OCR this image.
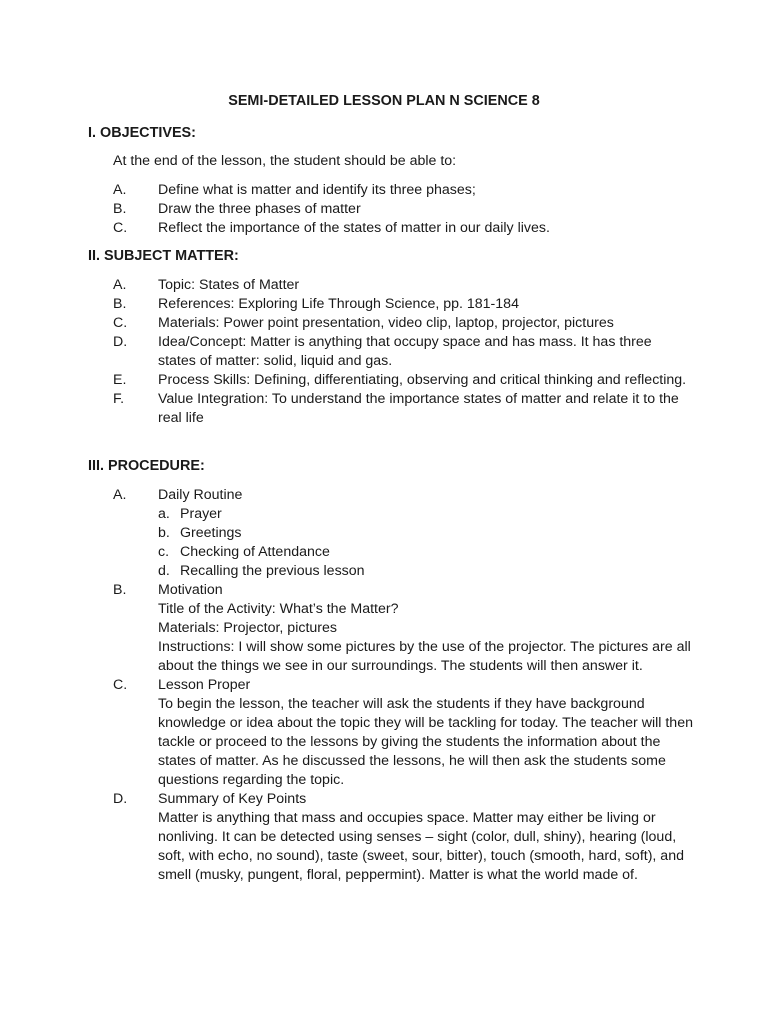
SEMI-DETAILED LESSON PLAN N SCIENCE 8
I. OBJECTIVES:
At the end of the lesson, the student should be able to:
A.	Define what is matter and identify its three phases;
B.	Draw the three phases of matter
C.	Reflect the importance of the states of matter in our daily lives.
II. SUBJECT MATTER:
A.	Topic: States of Matter
B.	References: Exploring Life Through Science, pp. 181-184
C.	Materials: Power point presentation, video clip, laptop, projector, pictures
D.	Idea/Concept: Matter is anything that occupy space and has mass. It has three states of matter: solid, liquid and gas.
E.	Process Skills: Defining, differentiating, observing and critical thinking and reflecting.
F.	Value Integration: To understand the importance states of matter and relate it to the real life
III. PROCEDURE:
A.	Daily Routine
a. Prayer
b. Greetings
c. Checking of Attendance
d. Recalling the previous lesson
B.	Motivation
Title of the Activity: What’s the Matter?
Materials: Projector, pictures

Instructions: I will show some pictures by the use of the projector. The pictures are all about the things we see in our surroundings. The students will then answer it.

C.	Lesson Proper

To begin the lesson, the teacher will ask the students if they have background knowledge or idea about the topic they will be tackling for today. The teacher will then tackle or proceed to the lessons by giving the students the information about the states of matter. As he discussed the lessons, he will then ask the students some questions regarding the topic.

D.	Summary of Key Points

Matter is anything that mass and occupies space. Matter may either be living or nonliving. It can be detected using senses – sight (color, dull, shiny), hearing (loud, soft, with echo, no sound), taste (sweet, sour, bitter), touch (smooth, hard, soft), and smell (musky, pungent, floral, peppermint). Matter is what the world made of.
